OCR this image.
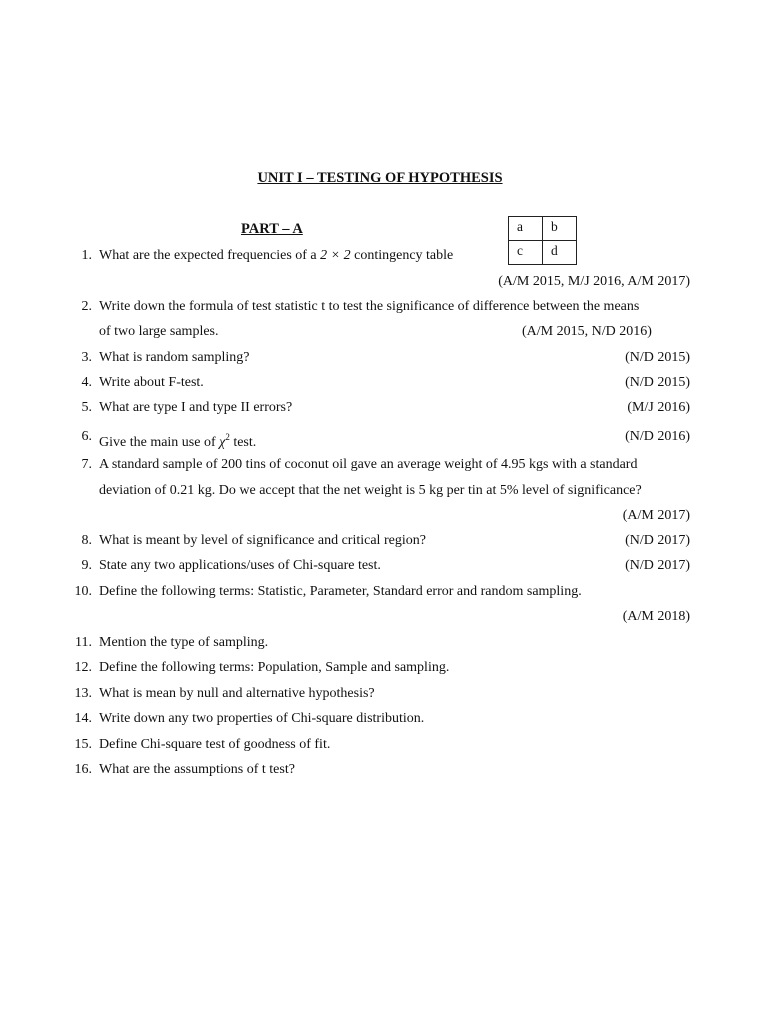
UNIT I – TESTING OF HYPOTHESIS
PART – A	a	b
c	d
1. What are the expected frequencies of a 2 × 2 contingency table
(A/M 2015, M/J 2016, A/M 2017)
2. Write down the formula of test statistic t to test the significance of difference between the means
of two large samples.	(A/M 2015, N/D 2016)
3. What is random sampling?	(N/D 2015)
4. Write about F-test.	(N/D 2015)
5. What are type I and type II errors?	(M/J 2016)
6. Give the main use of $\chi^2$ test.	(N/D 2016)
7. A standard sample of 200 tins of coconut oil gave an average weight of 4.95 kgs with a standard
deviation of 0.21 kg. Do we accept that the net weight is 5 kg per tin at 5% level of significance?
(A/M 2017)
8. What is meant by level of significance and critical region?	(N/D 2017)
9. State any two applications/uses of Chi-square test.	(N/D 2017)
10. Define the following terms: Statistic, Parameter, Standard error and random sampling.
(A/M 2018)
11. Mention the type of sampling.
12. Define the following terms: Population, Sample and sampling.
13. What is mean by null and alternative hypothesis?
14. Write down any two properties of Chi-square distribution.
15. Define Chi-square test of goodness of fit.
16. What are the assumptions of t test?
